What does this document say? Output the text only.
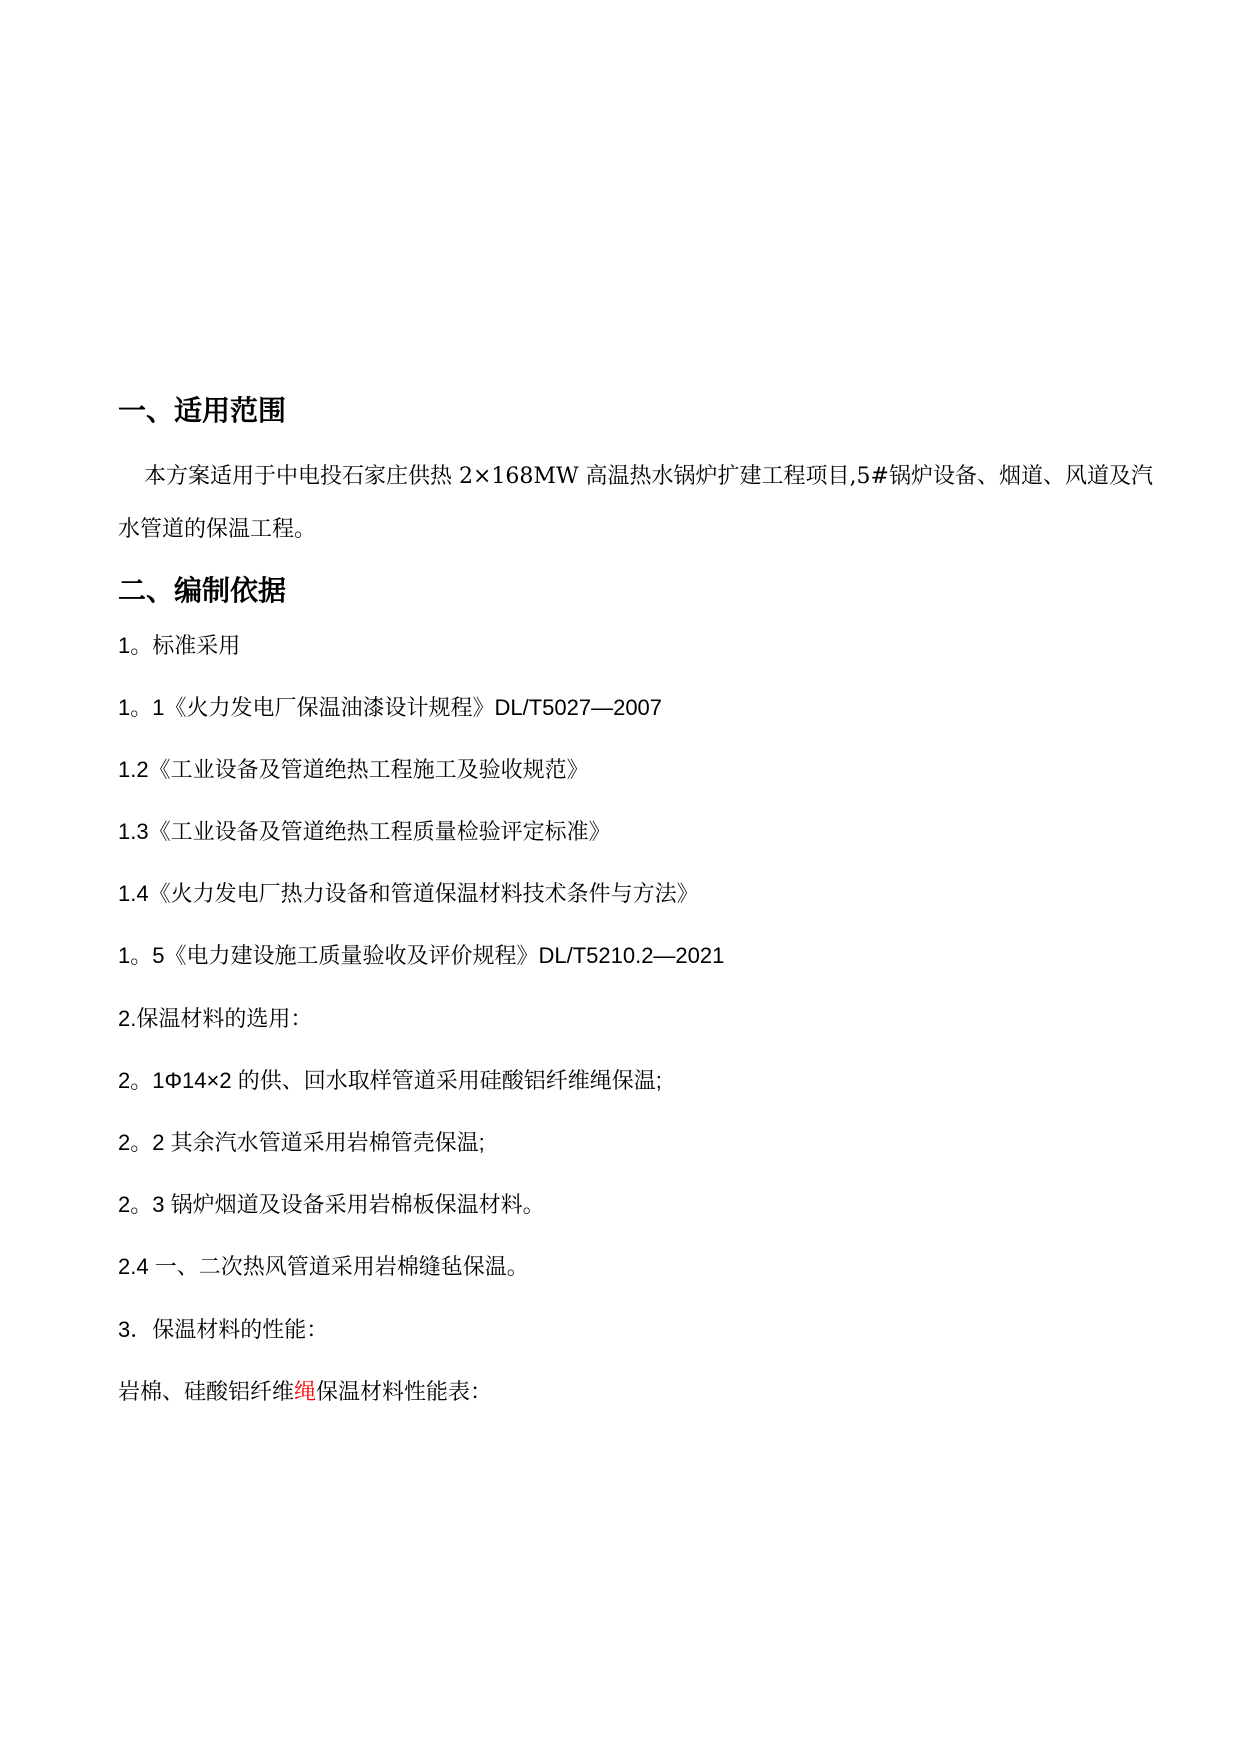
一、适用范围
本方案适用于中电投石家庄供热 2×168MW 高温热水锅炉扩建工程项目,5#锅炉设备、烟道、风道及汽水管道的保温工程。
二、编制依据
1。标准采用
1。1《火力发电厂保温油漆设计规程》DL/T5027—2007
1.2《工业设备及管道绝热工程施工及验收规范》
1.3《工业设备及管道绝热工程质量检验评定标准》
1.4《火力发电厂热力设备和管道保温材料技术条件与方法》
1。5《电力建设施工质量验收及评价规程》DL/T5210.2—2021
2.保温材料的选用：
2。1Φ14×2 的供、回水取样管道采用硅酸铝纤维绳保温;
2。2 其余汽水管道采用岩棉管壳保温;
2。3 锅炉烟道及设备采用岩棉板保温材料。
2.4 一、二次热风管道采用岩棉缝毡保温。
3．保温材料的性能：
岩棉、硅酸铝纤维绳保温材料性能表：
